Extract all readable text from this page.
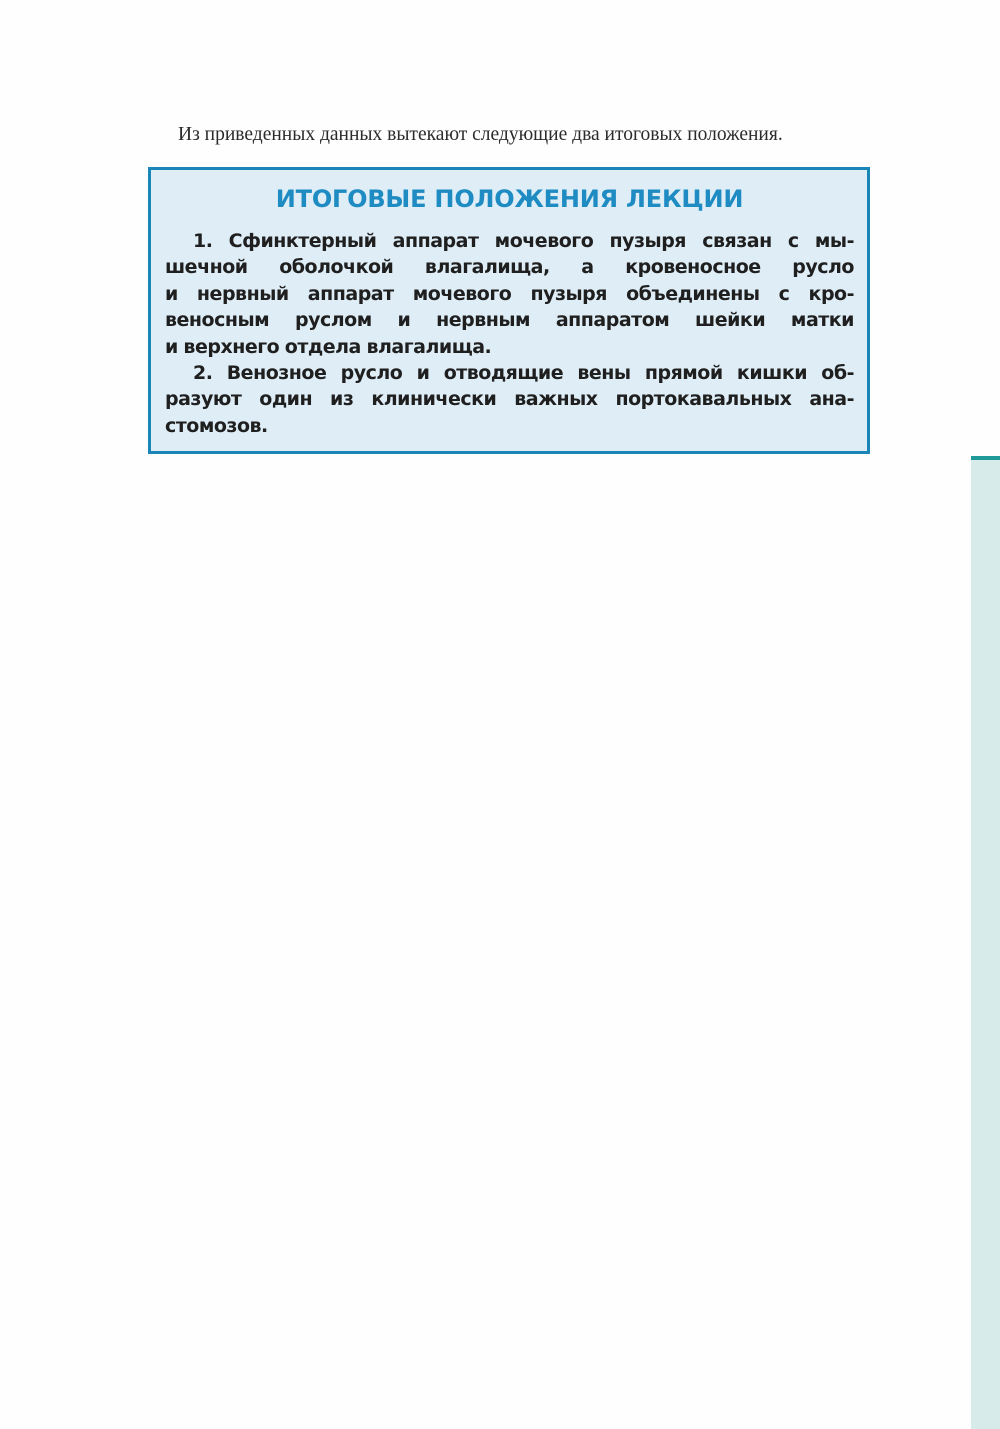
Из приведенных данных вытекают следующие два итоговых положения.

ИТОГОВЫЕ ПОЛОЖЕНИЯ ЛЕКЦИИ

1. Сфинктерный аппарат мочевого пузыря связан с мы-
шечной оболочкой влагалища, а кровеносное русло
и нервный аппарат мочевого пузыря объединены с кро-
веносным руслом и нервным аппаратом шейки матки
и верхнего отдела влагалища.

2. Венозное русло и отводящие вены прямой кишки об-
разуют один из клинически важных портокавальных ана-
стомозов.
